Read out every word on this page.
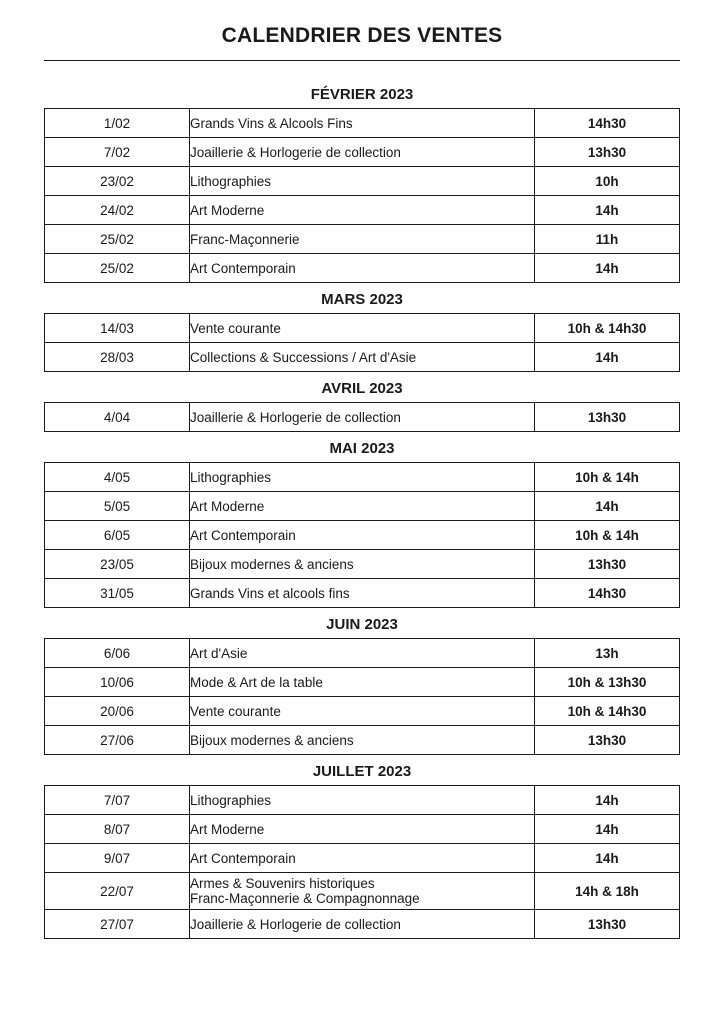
CALENDRIER DES VENTES
FÉVRIER 2023
1/02	Grands Vins & Alcools Fins	14h30
7/02	Joaillerie & Horlogerie de collection	13h30
23/02	Lithographies	10h
24/02	Art Moderne	14h
25/02	Franc-Maçonnerie	11h
25/02	Art Contemporain	14h
MARS 2023
14/03	Vente courante	10h & 14h30
28/03	Collections & Successions / Art d'Asie	14h
AVRIL 2023
4/04	Joaillerie & Horlogerie de collection	13h30
MAI 2023
4/05	Lithographies	10h & 14h
5/05	Art Moderne	14h
6/05	Art Contemporain	10h & 14h
23/05	Bijoux modernes & anciens	13h30
31/05	Grands Vins et alcools fins	14h30
JUIN 2023
6/06	Art d'Asie	13h
10/06	Mode & Art de la table	10h & 13h30
20/06	Vente courante	10h & 14h30
27/06	Bijoux modernes & anciens	13h30
JUILLET 2023
7/07	Lithographies	14h
8/07	Art Moderne	14h
9/07	Art Contemporain	14h
22/07	Armes & Souvenirs historiques
Franc-Maçonnerie & Compagnonnage	14h & 18h
27/07	Joaillerie & Horlogerie de collection	13h30
